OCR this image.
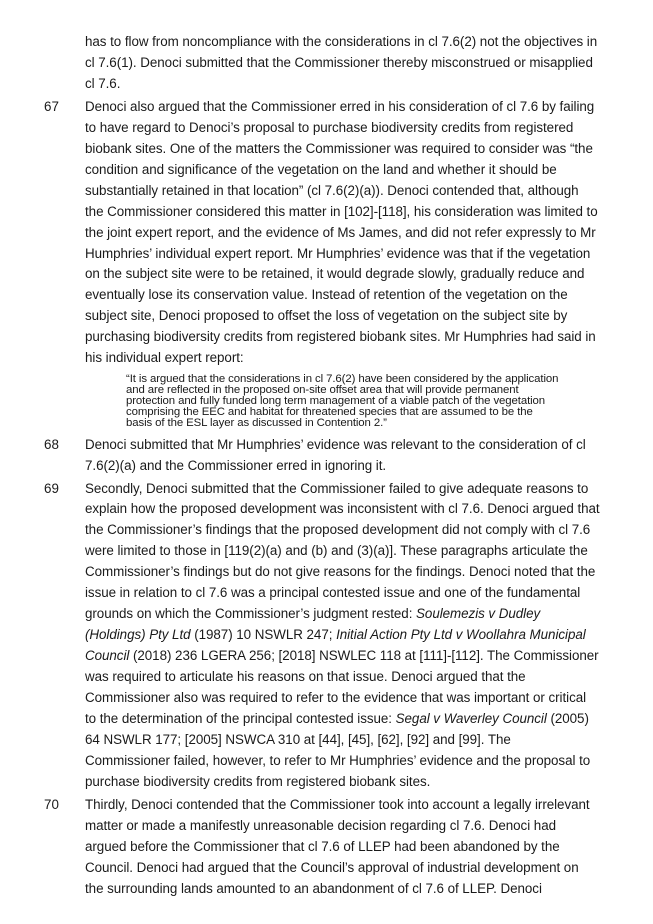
has to flow from noncompliance with the considerations in cl 7.6(2) not the objectives in
cl 7.6(1). Denoci submitted that the Commissioner thereby misconstrued or misapplied
cl 7.6.
67 Denoci also argued that the Commissioner erred in his consideration of cl 7.6 by failing
to have regard to Denoci’s proposal to purchase biodiversity credits from registered
biobank sites. One of the matters the Commissioner was required to consider was “the
condition and significance of the vegetation on the land and whether it should be
substantially retained in that location” (cl 7.6(2)(a)). Denoci contended that, although
the Commissioner considered this matter in [102]-[118], his consideration was limited to
the joint expert report, and the evidence of Ms James, and did not refer expressly to Mr
Humphries’ individual expert report. Mr Humphries’ evidence was that if the vegetation
on the subject site were to be retained, it would degrade slowly, gradually reduce and
eventually lose its conservation value. Instead of retention of the vegetation on the
subject site, Denoci proposed to offset the loss of vegetation on the subject site by
purchasing biodiversity credits from registered biobank sites. Mr Humphries had said in
his individual expert report:
“It is argued that the considerations in cl 7.6(2) have been considered by the application
and are reflected in the proposed on-site offset area that will provide permanent
protection and fully funded long term management of a viable patch of the vegetation
comprising the EEC and habitat for threatened species that are assumed to be the
basis of the ESL layer as discussed in Contention 2.”
68 Denoci submitted that Mr Humphries’ evidence was relevant to the consideration of cl
7.6(2)(a) and the Commissioner erred in ignoring it.
69 Secondly, Denoci submitted that the Commissioner failed to give adequate reasons to
explain how the proposed development was inconsistent with cl 7.6. Denoci argued that
the Commissioner’s findings that the proposed development did not comply with cl 7.6
were limited to those in [119(2)(a) and (b) and (3)(a)]. These paragraphs articulate the
Commissioner’s findings but do not give reasons for the findings. Denoci noted that the
issue in relation to cl 7.6 was a principal contested issue and one of the fundamental
grounds on which the Commissioner’s judgment rested: Soulemezis v Dudley
(Holdings) Pty Ltd (1987) 10 NSWLR 247; Initial Action Pty Ltd v Woollahra Municipal
Council (2018) 236 LGERA 256; [2018] NSWLEC 118 at [111]-[112]. The Commissioner
was required to articulate his reasons on that issue. Denoci argued that the
Commissioner also was required to refer to the evidence that was important or critical
to the determination of the principal contested issue: Segal v Waverley Council (2005)
64 NSWLR 177; [2005] NSWCA 310 at [44], [45], [62], [92] and [99]. The
Commissioner failed, however, to refer to Mr Humphries’ evidence and the proposal to
purchase biodiversity credits from registered biobank sites.
70 Thirdly, Denoci contended that the Commissioner took into account a legally irrelevant
matter or made a manifestly unreasonable decision regarding cl 7.6. Denoci had
argued before the Commissioner that cl 7.6 of LLEP had been abandoned by the
Council. Denoci had argued that the Council’s approval of industrial development on
the surrounding lands amounted to an abandonment of cl 7.6 of LLEP. Denoci
